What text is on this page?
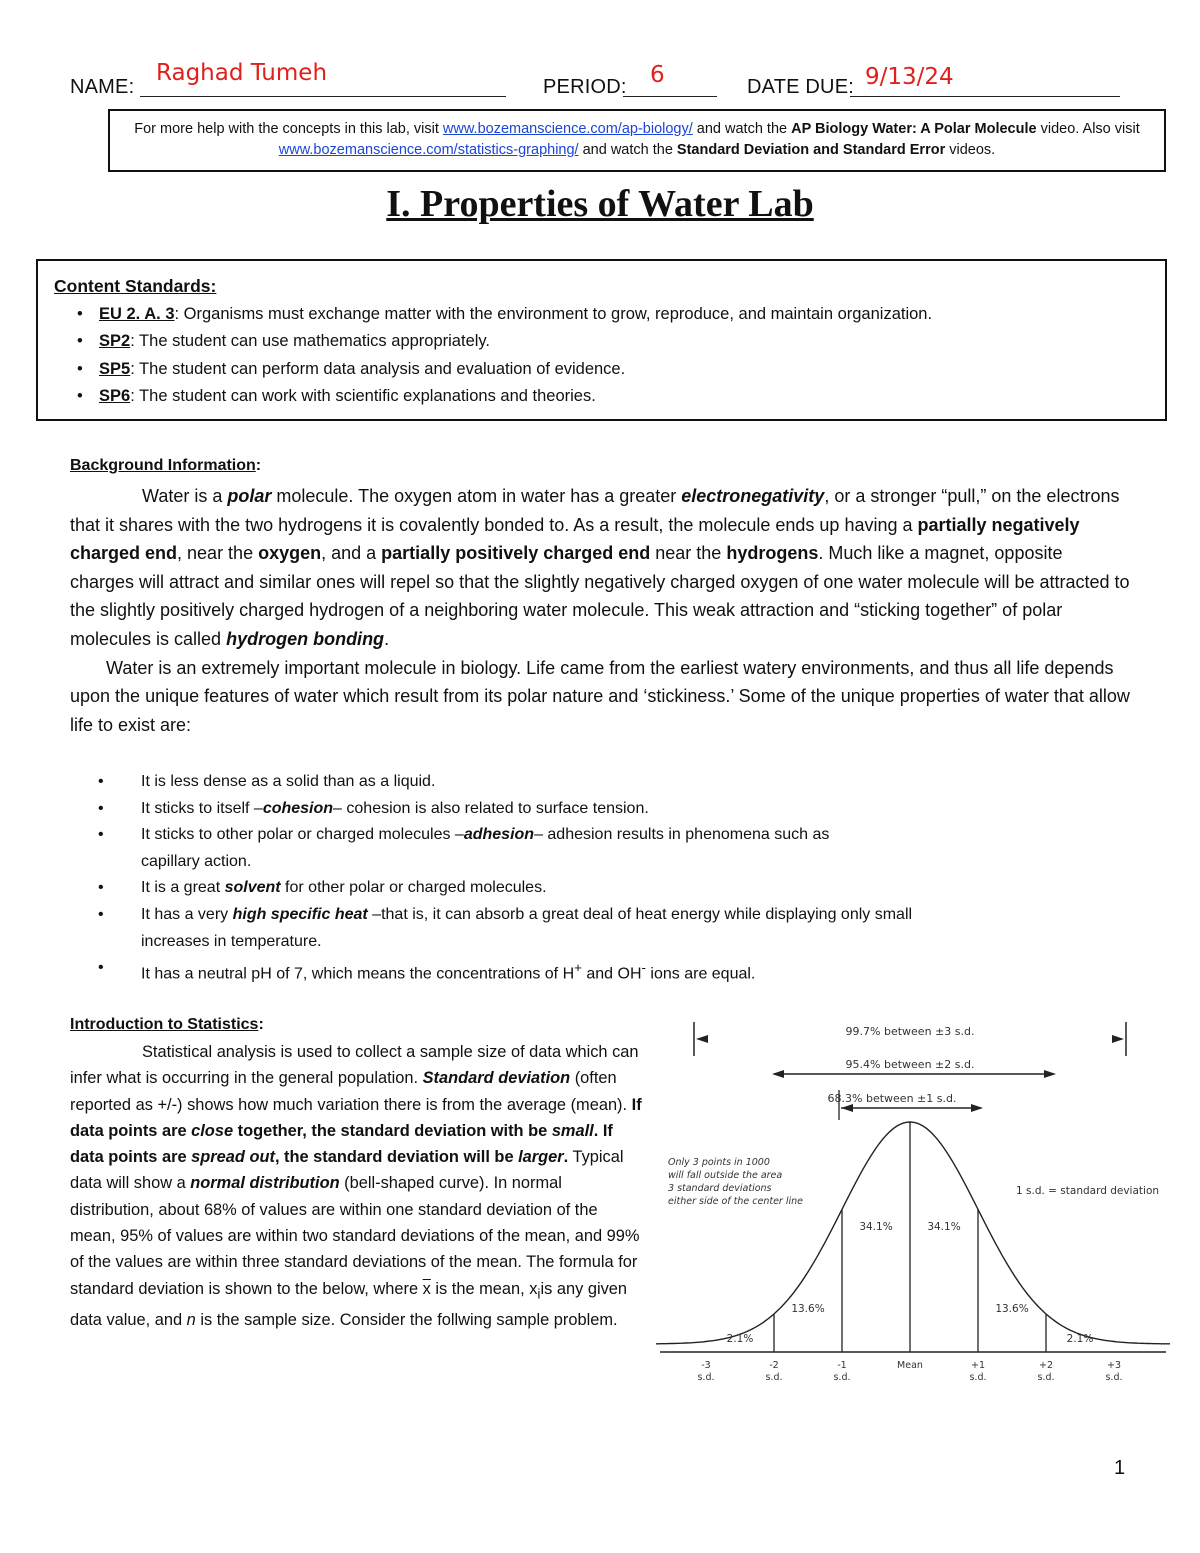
NAME:
Raghad Tumeh
PERIOD: 6	DATE DUE: 9/13/24
For more help with the concepts in this lab, visit www.bozemanscience.com/ap-biology/ and watch the AP Biology Water: A Polar Molecule video. Also visit www.bozemanscience.com/statistics-graphing/ and watch the Standard Deviation and Standard Error videos.
I. Properties of Water Lab
Content Standards:
• EU 2. A. 3: Organisms must exchange matter with the environment to grow, reproduce, and maintain organization.
• SP2: The student can use mathematics appropriately.
• SP5: The student can perform data analysis and evaluation of evidence.
• SP6: The student can work with scientific explanations and theories.
Background Information:

Water is a polar molecule. The oxygen atom in water has a greater electronegativity, or a stronger “pull,” on the electrons that it shares with the two hydrogens it is covalently bonded to. As a result, the molecule ends up having a partially negatively charged end, near the oxygen, and a partially positively charged end near the hydrogens. Much like a magnet, opposite charges will attract and similar ones will repel so that the slightly negatively charged oxygen of one water molecule will be attracted to the slightly positively charged hydrogen of a neighboring water molecule. This weak attraction and “sticking together” of polar molecules is called hydrogen bonding.

Water is an extremely important molecule in biology. Life came from the earliest watery environments, and thus all life depends upon the unique features of water which result from its polar nature and ‘stickiness.’ Some of the unique properties of water that allow life to exist are:

• It is less dense as a solid than as a liquid.
• It sticks to itself –cohesion– cohesion is also related to surface tension.
• It sticks to other polar or charged molecules –adhesion– adhesion results in phenomena such as
capillary action.
• It is a great solvent for other polar or charged molecules.
• It has a very high specific heat –that is, it can absorb a great deal of heat energy while displaying only small
increases in temperature.
• It has a neutral pH of 7, which means the concentrations of H+ and OH- ions are equal.
Introduction to Statistics:
Statistical analysis is used to collect a sample size of data which can infer what is occurring in the general population. Standard deviation (often reported as +/-) shows how much variation there is from the average (mean). If data points are close together, the standard deviation with be small. If data points are spread out, the standard deviation will be larger. Typical data will show a normal distribution (bell-shaped curve). In normal distribution, about 68% of values are within one standard deviation of the mean, 95% of values are within two standard deviations of the mean, and 99% of the values are within three standard deviations of the mean. The formula for standard deviation is shown to the below, where $\overline{x}$ is the mean, $x_iis$ any given data value, and n is the sample size. Consider the follwing sample problem.
99.7% between ±3 s.d.
95.4% between ±2 s.d.
68.3% between ±1 s.d.
Only 3 points in 1000
will fall outside the area
3 standard deviations
either side of the center line
1 s.d. = standard deviation
2.1%
13.6%
34.1%	34.1%
13.6%
2.1%
-3
s.d.
-2
s.d.
-1
s.d.
Mean	+1
s.d.
+2
s.d.
+3
s.d.
1
